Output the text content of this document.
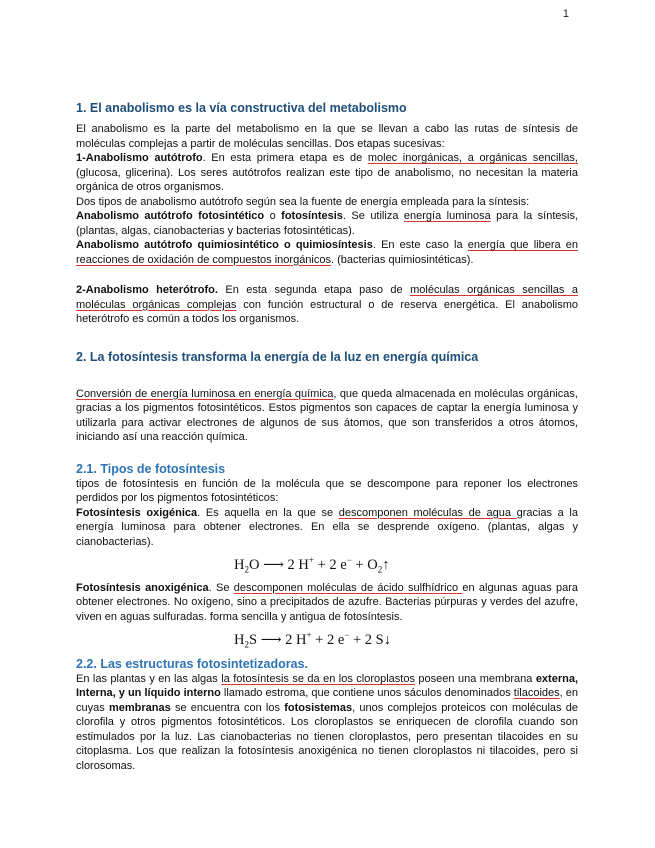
1
1. El anabolismo es la vía constructiva del metabolismo

El anabolismo es la parte del metabolismo en la que se llevan a cabo las rutas de síntesis de moléculas complejas a partir de moléculas sencillas. Dos etapas sucesivas:

1-Anabolismo autótrofo. En esta primera etapa es de molec inorgánicas, a orgánicas sencillas, (glucosa, glicerina). Los seres autótrofos realizan este tipo de anabolismo, no necesitan la materia orgánica de otros organismos.

Dos tipos de anabolismo autótrofo según sea la fuente de energía empleada para la síntesis:

Anabolismo autótrofo fotosintético o fotosíntesis. Se utiliza energía luminosa para la síntesis, (plantas, algas, cianobacterias y bacterias fotosintéticas).

Anabolismo autótrofo quimiosintético o quimiosíntesis. En este caso la energía que libera en reacciones de oxidación de compuestos inorgánicos. (bacterias quimiosintéticas).

2-Anabolismo heterótrofo. En esta segunda etapa paso de moléculas orgánicas sencillas a moléculas orgánicas complejas con función estructural o de reserva energética. El anabolismo heterótrofo es común a todos los organismos.

2. La fotosíntesis transforma la energía de la luz en energía química

Conversión de energía luminosa en energía química, que queda almacenada en moléculas orgánicas, gracias a los pigmentos fotosintéticos. Estos pigmentos son capaces de captar la energía luminosa y utilizarla para activar electrones de algunos de sus átomos, que son transferidos a otros átomos, iniciando así una reacción química.

2.1. Tipos de fotosíntesis

tipos de fotosíntesis en función de la molécula que se descompone para reponer los electrones perdidos por los pigmentos fotosintéticos:

Fotosíntesis oxigénica. Es aquella en la que se descomponen moléculas de agua gracias a la energía luminosa para obtener electrones. En ella se desprende oxígeno. (plantas, algas y cianobacterias).

$H_2O$ ⟶ 2 H+ + 2 $e^- + O_2↑$

Fotosíntesis anoxigénica. Se descomponen moléculas de ácido sulfhídrico en algunas aguas para obtener electrones. No oxígeno, sino a precipitados de azufre. Bacterias púrpuras y verdes del azufre, viven en aguas sulfuradas. forma sencilla y antigua de fotosíntesis.

$H_2S$ ⟶ 2 H+ + 2 e− + 2 S↓
2.2. Las estructuras fotosintetizadoras.

En las plantas y en las algas la fotosíntesis se da en los cloroplastos poseen una membrana externa, Interna, y un líquido interno llamado estroma, que contiene unos sáculos denominados tilacoides, en cuyas membranas se encuentra con los fotosistemas, unos complejos proteicos con moléculas de clorofila y otros pigmentos fotosintéticos. Los cloroplastos se enriquecen de clorofila cuando son estimulados por la luz. Las cianobacterias no tienen cloroplastos, pero presentan tilacoides en su citoplasma. Los que realizan la fotosíntesis anoxigénica no tienen cloroplastos ni tilacoides, pero si clorosomas.
